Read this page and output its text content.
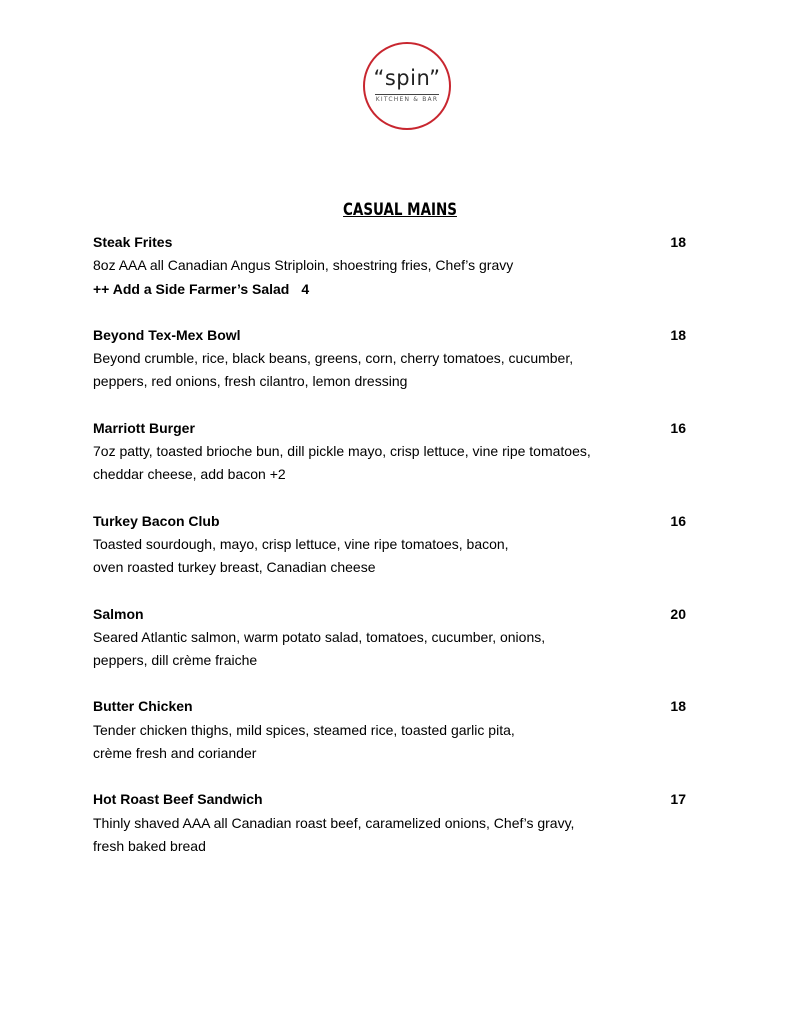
“spin”
KITCHEN & BAR
CASUAL MAINS
Steak Frites	18
8oz AAA all Canadian Angus Striploin, shoestring fries, Chef’s gravy
++ Add a Side Farmer’s Salad 4
Beyond Tex-Mex Bowl	18
Beyond crumble, rice, black beans, greens, corn, cherry tomatoes, cucumber,
peppers, red onions, fresh cilantro, lemon dressing
Marriott Burger	16
7oz patty, toasted brioche bun, dill pickle mayo, crisp lettuce, vine ripe tomatoes,
cheddar cheese, add bacon +2
Turkey Bacon Club	16
Toasted sourdough, mayo, crisp lettuce, vine ripe tomatoes, bacon,
oven roasted turkey breast, Canadian cheese
Salmon	20
Seared Atlantic salmon, warm potato salad, tomatoes, cucumber, onions,
peppers, dill crème fraiche
Butter Chicken	18
Tender chicken thighs, mild spices, steamed rice, toasted garlic pita,
crème fresh and coriander
Hot Roast Beef Sandwich	17
Thinly shaved AAA all Canadian roast beef, caramelized onions, Chef’s gravy,
fresh baked bread
